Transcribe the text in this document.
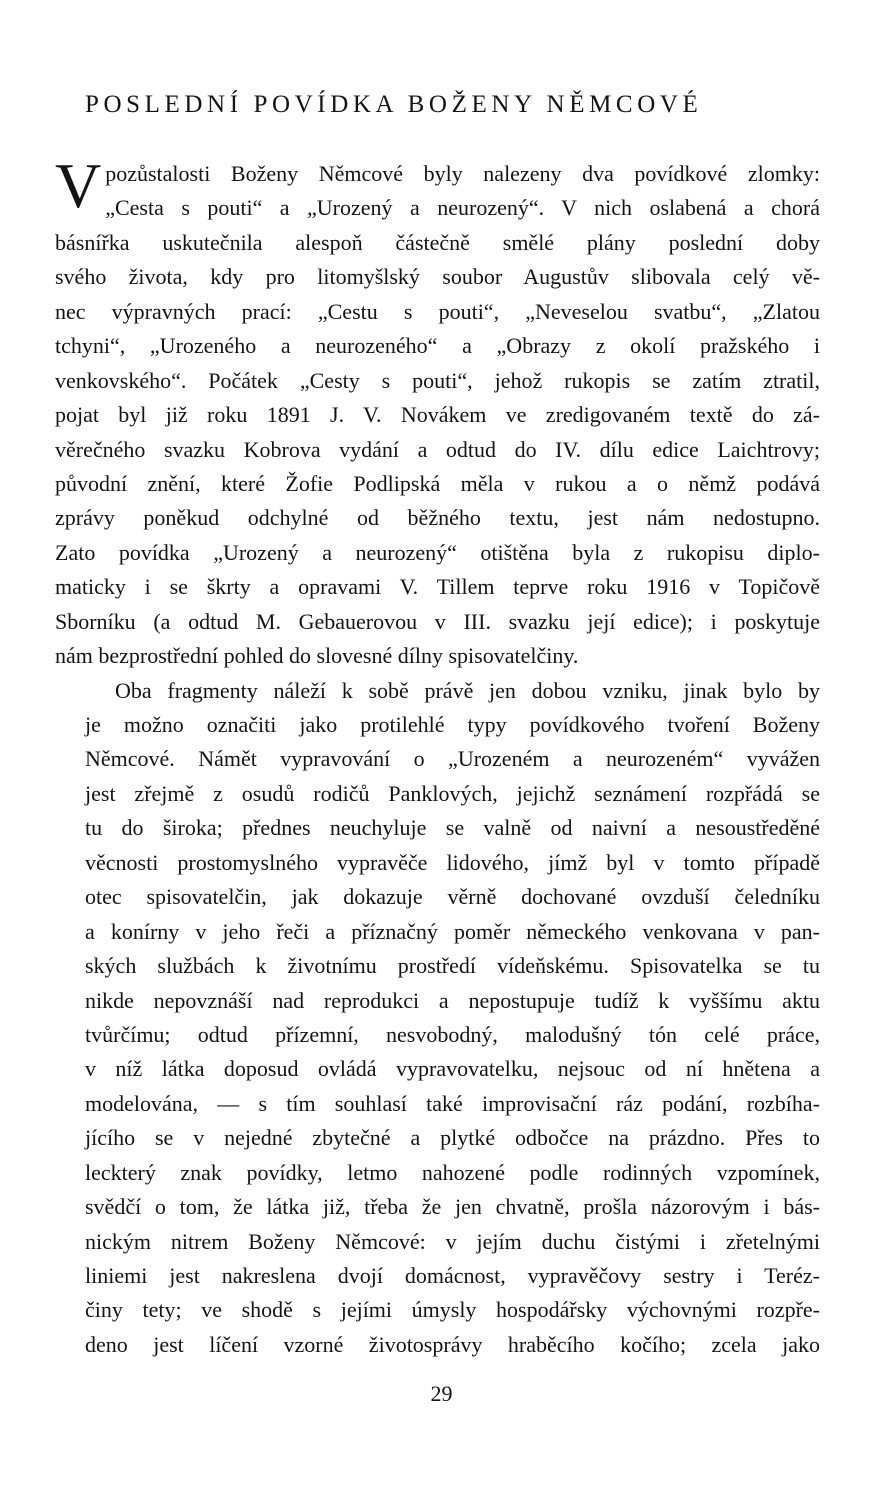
POSLEDNÍ POVÍDKA BOŽENY NĚMCOVÉ
V pozůstalosti Boženy Němcové byly nalezeny dva povídkové zlomky:
„Cesta s pouti“ a „Urozený a neurozený“. V nich oslabená a chorá
básnířka uskutečnila alespoň částečně smělé plány poslední doby
svého života, kdy pro litomyšlský soubor Augustův slibovala celý vě-
nec výpravných prací: „Cestu s pouti“, „Neveselou svatbu“, „Zlatou
tchyni“, „Urozeného a neurozeného“ a „Obrazy z okolí pražského i
venkovského“. Počátek „Cesty s pouti“, jehož rukopis se zatím ztratil,
pojat byl již roku 1891 J. V. Novákem ve zredigovaném textě do zá-
věrečného svazku Kobrova vydání a odtud do IV. dílu edice Laichtrovy;
původní znění, které Žofie Podlipská měla v rukou a o němž podává
zprávy poněkud odchylné od běžného textu, jest nám nedostupno.
Zato povídka „Urozený a neurozený“ otištěna byla z rukopisu diplo-
maticky i se škrty a opravami V. Tillem teprve roku 1916 v Topičově
Sborníku (a odtud M. Gebauerovou v III. svazku její edice); i poskytuje
nám bezprostřední pohled do slovesné dílny spisovatelčiny.
Oba fragmenty náleží k sobě právě jen dobou vzniku, jinak bylo by
je možno označiti jako protilehlé typy povídkového tvoření Boženy
Němcové. Námět vypravování o „Urozeném a neurozeném“ vyvážen
jest zřejmě z osudů rodičů Panklových, jejichž seznámení rozpřádá se
tu do široka; přednes neuchyluje se valně od naivní a nesoustředěné
věcnosti prostomyslného vypravěče lidového, jímž byl v tomto případě
otec spisovatelčin, jak dokazuje věrně dochované ovzduší čeledníku
a konírny v jeho řeči a příznačný poměr německého venkovana v pan-
ských službách k životnímu prostředí vídeňskému. Spisovatelka se tu
nikde nepovznáší nad reprodukci a nepostupuje tudíž k vyššímu aktu
tvůrčímu; odtud přízemní, nesvobodný, malodušný tón celé práce,
v níž látka doposud ovládá vypravovatelku, nejsouc od ní hnětena a
modelována, — s tím souhlasí také improvisační ráz podání, rozbíha-
jícího se v nejedné zbytečné a plytké odbočce na prázdno. Přes to
leckterý znak povídky, letmo nahozené podle rodinných vzpomínek,
svědčí o tom, že látka již, třeba že jen chvatně, prošla názorovým i bás-
nickým nitrem Boženy Němcové: v jejím duchu čistými i zřetelnými
liniemi jest nakreslena dvojí domácnost, vypravěčovy sestry i Teréz-
činy tety; ve shodě s jejími úmysly hospodářsky výchovnými rozpře-
deno jest líčení vzorné životosprávy hraběcího kočího; zcela jako
29
